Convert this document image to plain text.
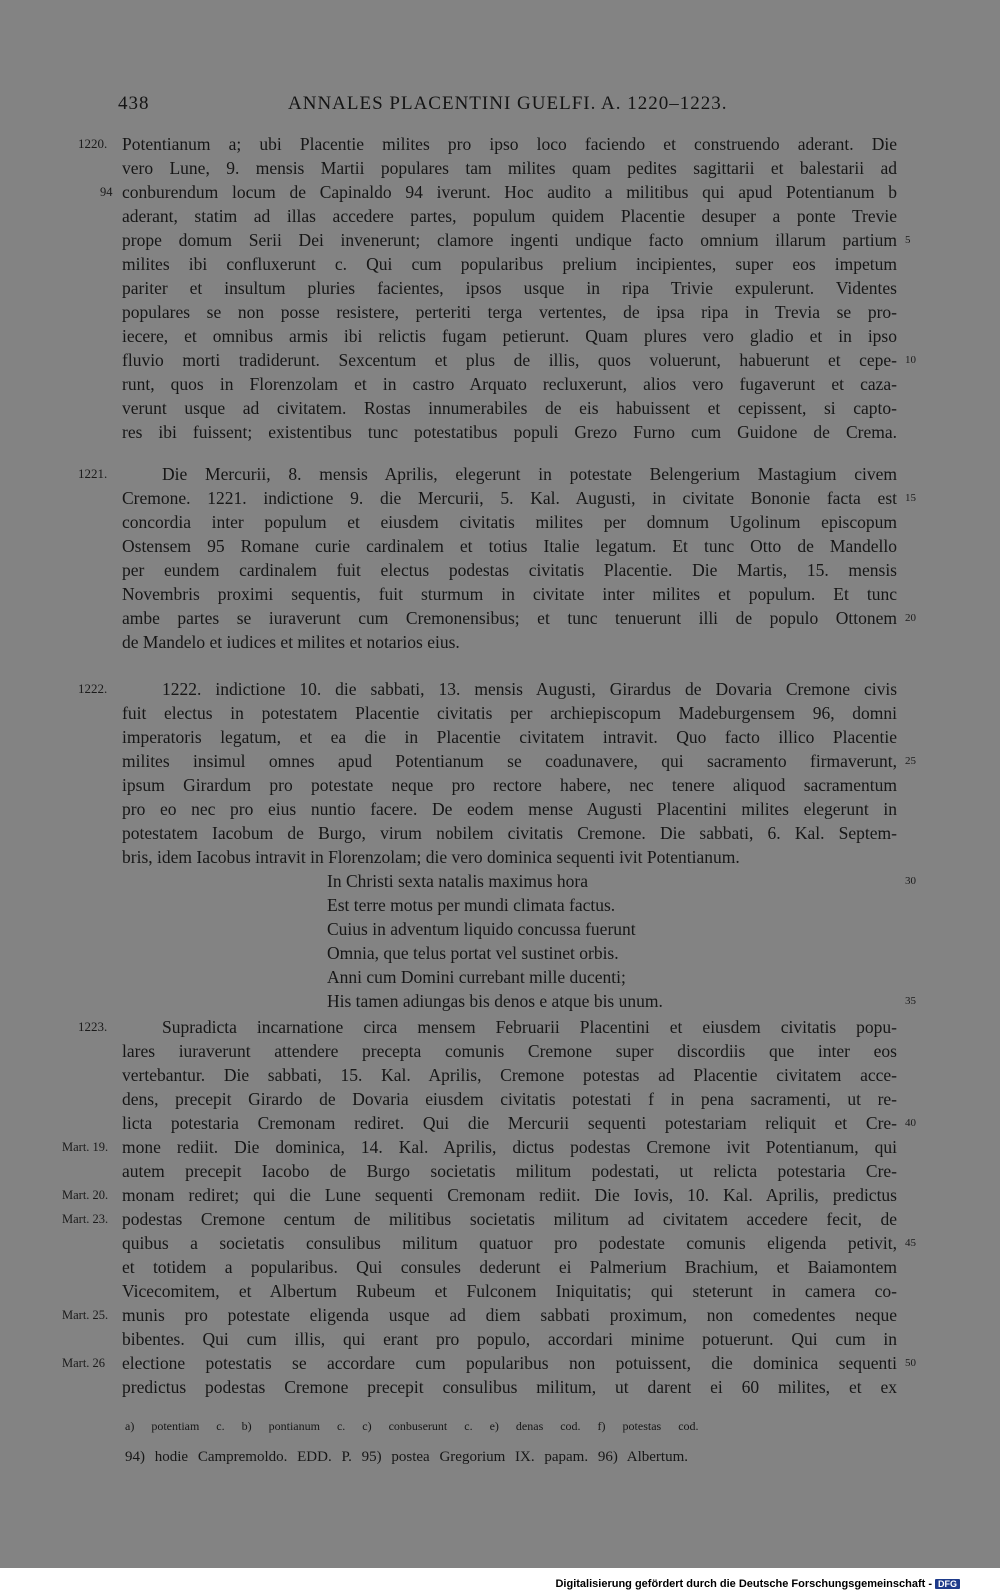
438	ANNALES PLACENTINI GUELFI. A. 1220–1223.
1220.
94
Potentianum a; ubi Placentie milites pro ipso loco faciendo et construendo aderant. Die
vero Lune, 9. mensis Martii populares tam milites quam pedites sagittarii et balestarii ad
conburendum locum de Capinaldo 94 iverunt. Hoc audito a militibus qui apud Potentianum b
aderant, statim ad illas accedere partes, populum quidem Placentie desuper a ponte Trevie
prope domum Serii Dei invenerunt; clamore ingenti undique facto omnium illarum partium
milites ibi confluxerunt c. Qui cum popularibus prelium incipientes, super eos impetum
pariter et insultum pluries facientes, ipsos usque in ripa Trivie expulerunt. Videntes
populares se non posse resistere, perteriti terga vertentes, de ipsa ripa in Trevia se pro-
iecere, et omnibus armis ibi relictis fugam petierunt. Quam plures vero gladio et in ipso
fluvio morti tradiderunt. Sexcentum et plus de illis, quos voluerunt, habuerunt et cepe-
runt, quos in Florenzolam et in castro Arquato recluxerunt, alios vero fugaverunt et caza-
verunt usque ad civitatem. Rostas innumerabiles de eis habuissent et cepissent, si capto-
res ibi fuissent; existentibus tunc potestatibus populi Grezo Furno cum Guidone de Crema.
5
10
1221.	Die Mercurii, 8. mensis Aprilis, elegerunt in potestate Belengerium Mastagium civem
Cremone. 1221. indictione 9. die Mercurii, 5. Kal. Augusti, in civitate Bononie facta est
concordia inter populum et eiusdem civitatis milites per domnum Ugolinum episcopum
Ostensem 95 Romane curie cardinalem et totius Italie legatum. Et tunc Otto de Mandello
per eundem cardinalem fuit electus podestas civitatis Placentie. Die Martis, 15. mensis
Novembris proximi sequentis, fuit sturmum in civitate inter milites et populum. Et tunc
ambe partes se iuraverunt cum Cremonensibus; et tunc tenuerunt illi de populo Ottonem
de Mandelo et iudices et milites et notarios eius.
15
20
1222.	1222. indictione 10. die sabbati, 13. mensis Augusti, Girardus de Dovaria Cremone civis
fuit electus in potestatem Placentie civitatis per archiepiscopum Madeburgensem 96, domni
imperatoris legatum, et ea die in Placentie civitatem intravit. Quo facto illico Placentie
milites insimul omnes apud Potentianum se coadunavere, qui sacramento firmaverunt,
ipsum Girardum pro potestate neque pro rectore habere, nec tenere aliquod sacramentum
pro eo nec pro eius nuntio facere. De eodem mense Augusti Placentini milites elegerunt in
potestatem Iacobum de Burgo, virum nobilem civitatis Cremone. Die sabbati, 6. Kal. Septem-
bris, idem Iacobus intravit in Florenzolam; die vero dominica sequenti ivit Potentianum.
25
In Christi sexta natalis maximus hora
Est terre motus per mundi climata factus.
Cuius in adventum liquido concussa fuerunt
Omnia, que telus portat vel sustinet orbis.
Anni cum Domini currebant mille ducenti;
His tamen adiungas bis denos e atque bis unum.
30
35
1223.
Mart. 19.
Mart. 20.
Mart. 23.
Mart. 25.
Mart. 26
Supradicta incarnatione circa mensem Februarii Placentini et eiusdem civitatis popu-
lares iuraverunt attendere precepta comunis Cremone super discordiis que inter eos
vertebantur. Die sabbati, 15. Kal. Aprilis, Cremone potestas ad Placentie civitatem acce-
dens, precepit Girardo de Dovaria eiusdem civitatis potestati f in pena sacramenti, ut re-
licta potestaria Cremonam rediret. Qui die Mercurii sequenti potestariam reliquit et Cre-
mone rediit. Die dominica, 14. Kal. Aprilis, dictus podestas Cremone ivit Potentianum, qui
autem precepit Iacobo de Burgo societatis militum podestati, ut relicta potestaria Cre-
monam rediret; qui die Lune sequenti Cremonam rediit. Die Iovis, 10. Kal. Aprilis, predictus
podestas Cremone centum de militibus societatis militum ad civitatem accedere fecit, de
quibus a societatis consulibus militum quatuor pro podestate comunis eligenda petivit,
et totidem a popularibus. Qui consules dederunt ei Palmerium Brachium, et Baiamontem
Vicecomitem, et Albertum Rubeum et Fulconem Iniquitatis; qui steterunt in camera co-
munis pro potestate eligenda usque ad diem sabbati proximum, non comedentes neque
bibentes. Qui cum illis, qui erant pro populo, accordari minime potuerunt. Qui cum in
electione potestatis se accordare cum popularibus non potuissent, die dominica sequenti
predictus podestas Cremone precepit consulibus militum, ut darent ei 60 milites, et ex
40
45
50
a) potentiam c. b) pontianum c. c) conbuserunt c. e) denas cod. f) potestas cod.
94) hodie Campremoldo. EDD. P. 95) postea Gregorium IX. papam. 96) Albertum.
Digitalisierung gefördert durch die Deutsche Forschungsgemeinschaft - DFG
